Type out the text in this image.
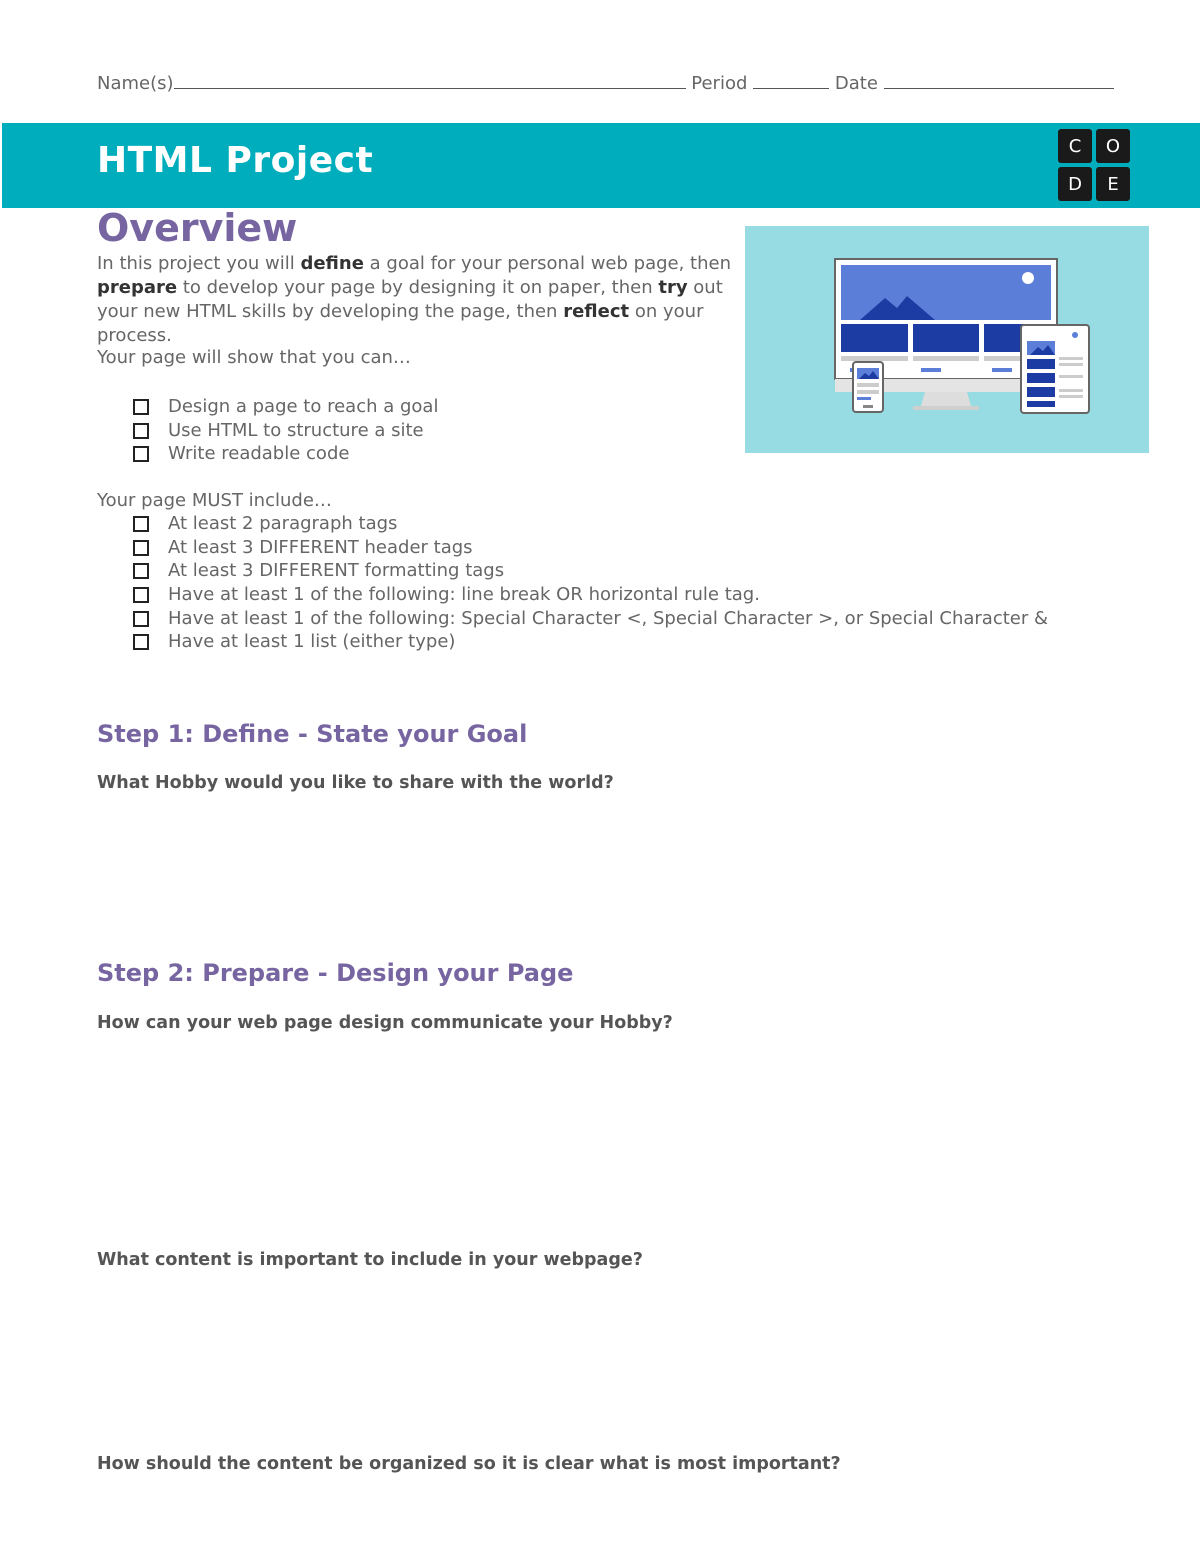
Name(s)	Period	Date
HTML Project	C	O
D	E
Overview
In this project you will define a goal for your personal web page, then prepare to develop your page by designing it on paper, then try out your new HTML skills by developing the page, then reflect on your process.
Your page will show that you can…
Design a page to reach a goal
Use HTML to structure a site
Write readable code
Your page MUST include…
At least 2 paragraph tags
At least 3 DIFFERENT header tags
At least 3 DIFFERENT formatting tags
Have at least 1 of the following: line break OR horizontal rule tag.
Have at least 1 of the following: Special Character <, Special Character >, or Special Character &
Have at least 1 list (either type)
Step 1: Define - State your Goal
What Hobby would you like to share with the world?
Step 2: Prepare - Design your Page
How can your web page design communicate your Hobby?
What content is important to include in your webpage?
How should the content be organized so it is clear what is most important?
